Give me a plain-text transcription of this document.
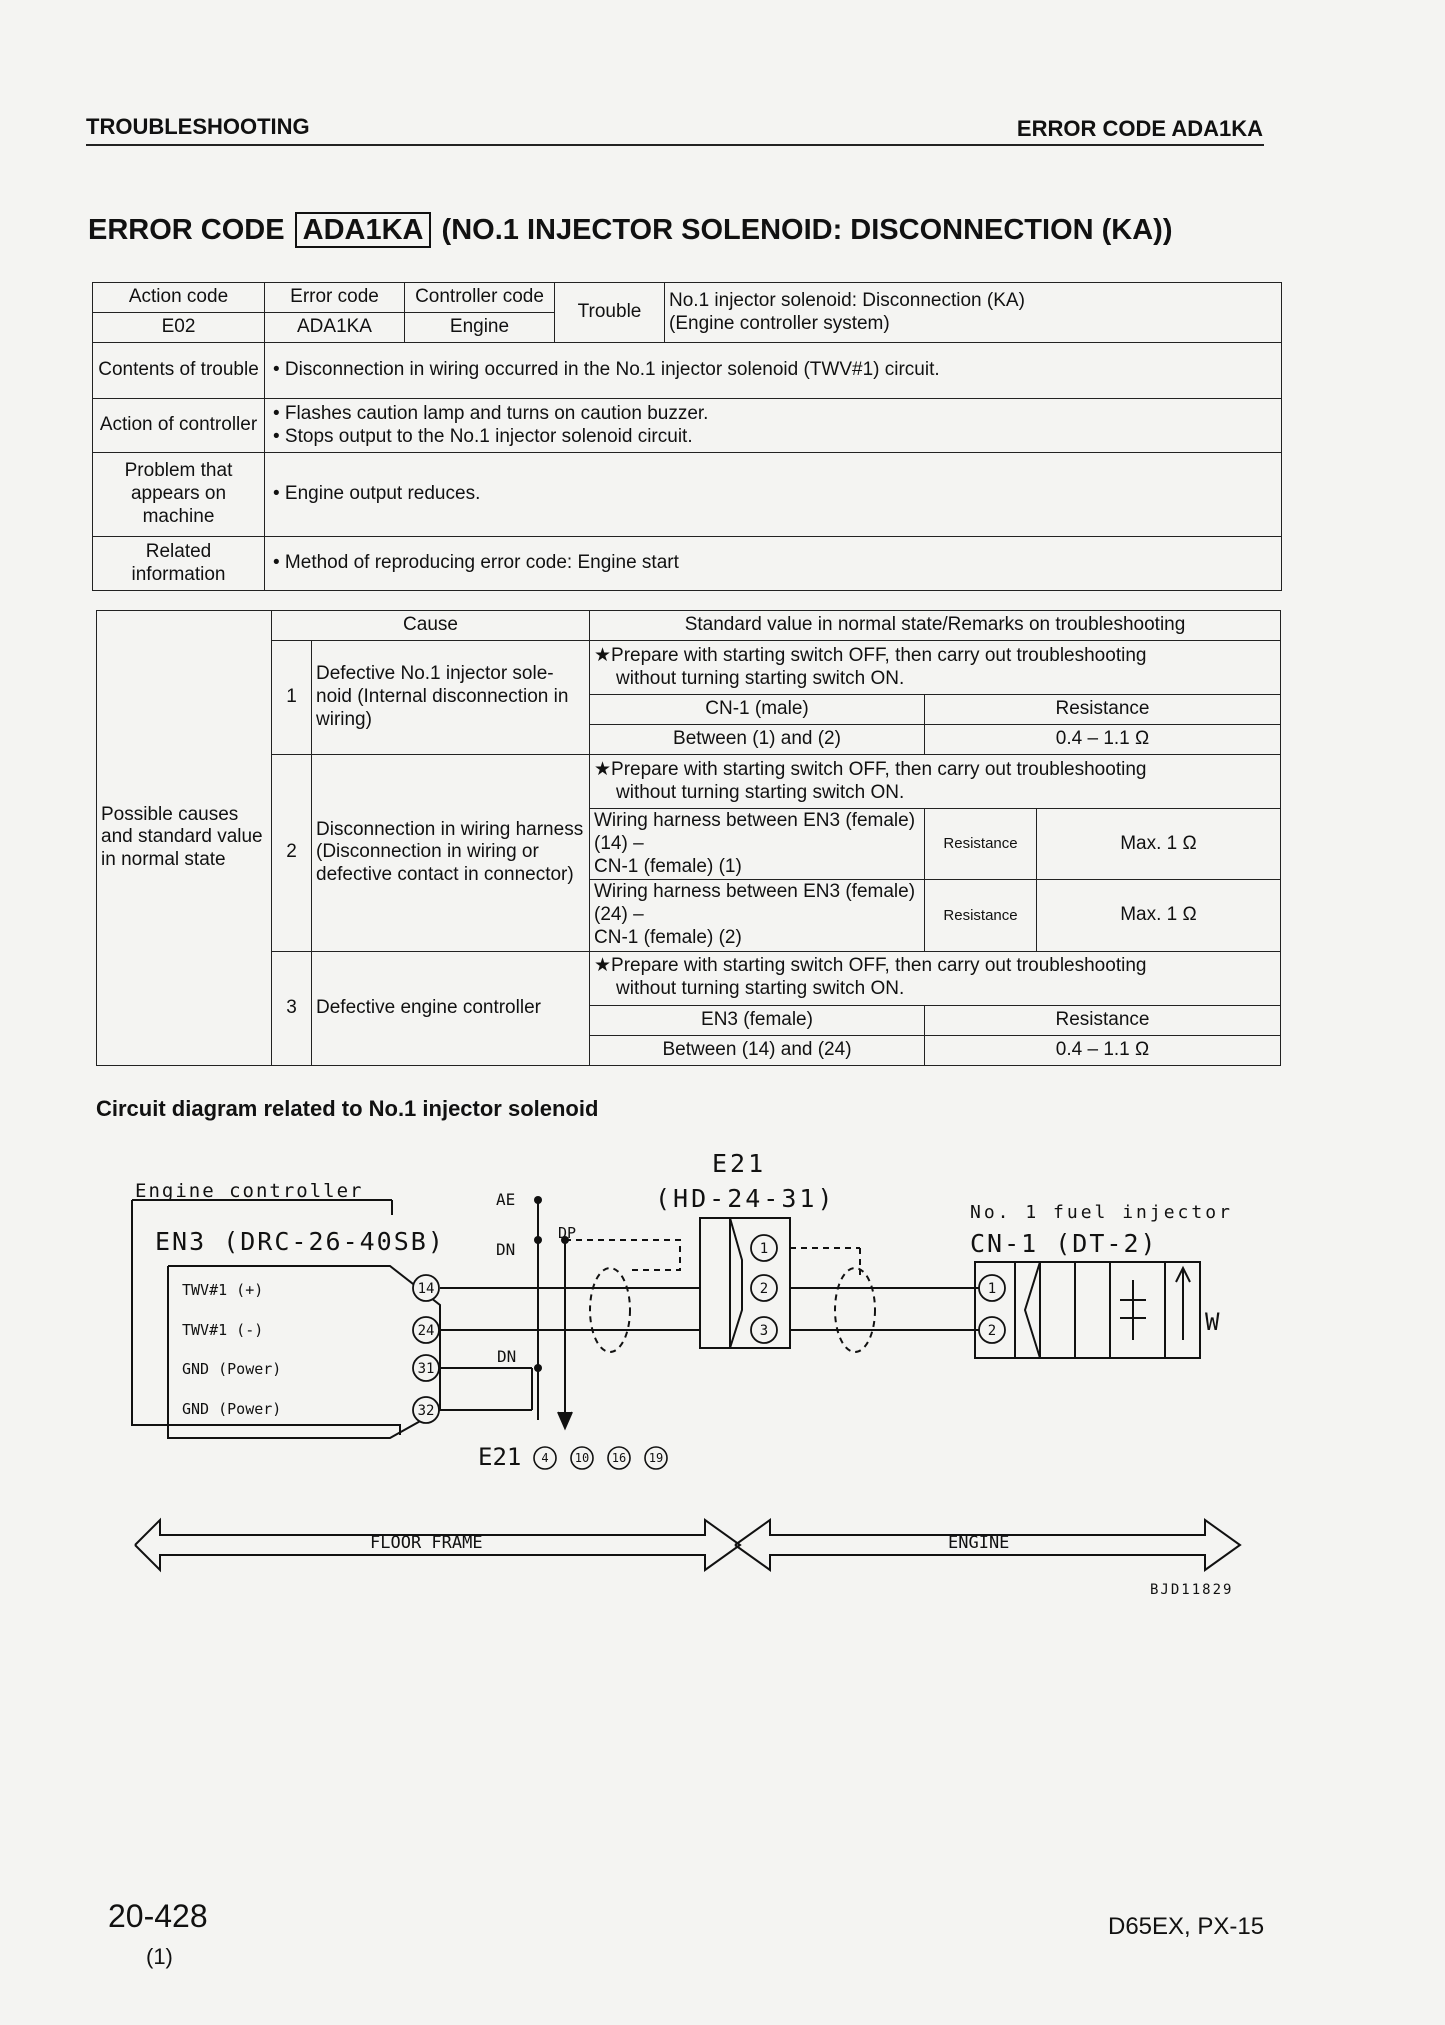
TROUBLESHOOTING	ERROR CODE ADA1KA
ERROR CODE ADA1KA (NO.1 INJECTOR SOLENOID: DISCONNECTION (KA))
Action code	Error code	Controller code	Trouble	No.1 injector solenoid: Disconnection (KA)
(Engine controller system)

E02	ADA1KA	Engine		
Contents of trouble	• Disconnection in wiring occurred in the No.1 injector solenoid (TWV#1) circuit.			
Action of controller	• Flashes caution lamp and turns on caution buzzer.
• Stops output to the No.1 injector solenoid circuit.			

Problem that appears on machine	• Engine output reduces.			
Related information	• Method of reproducing error code: Engine start			
Possible causes and standard value in normal state	Cause		Standard value in normal state/Remarks on troubleshooting		
	1	Defective No.1 injector sole-noid (Internal disconnection in wiring)	★Prepare with starting switch OFF, then carry out troubleshooting
without turning starting switch ON.		

			CN-1 (male)	Resistance	
			Between (1) and (2)	0.4 – 1.1 Ω	
	2	Disconnection in wiring harness (Disconnection in wiring or defective contact in connector)	★Prepare with starting switch OFF, then carry out troubleshooting
without turning starting switch ON.		

			Wiring harness between EN3 (female) (14) –
CN-1 (female) (1)	Resistance	Max. 1 Ω

			Wiring harness between EN3 (female) (24) –
CN-1 (female) (2)	Resistance	Max. 1 Ω
	3	Defective engine controller	★Prepare with starting switch OFF, then carry out troubleshooting
without turning starting switch ON.		

			EN3 (female)	Resistance	
			Between (14) and (24)	0.4 – 1.1 Ω	
Circuit diagram related to No.1 injector solenoid
14
24
31
32
1
2
3
1
2
Engine controller
EN3 (DRC-26-40SB)
TWV#1 (+)
TWV#1 (-)
GND (Power)
GND (Power)
AE
DN
DP
DN
E21
(HD-24-31)	No. 1 fuel injector
CN-1 (DT-2)
W
E21
FLOOR FRAME	ENGINE
BJD11829
4 10 16 19
20-428
(1)
D65EX, PX-15
